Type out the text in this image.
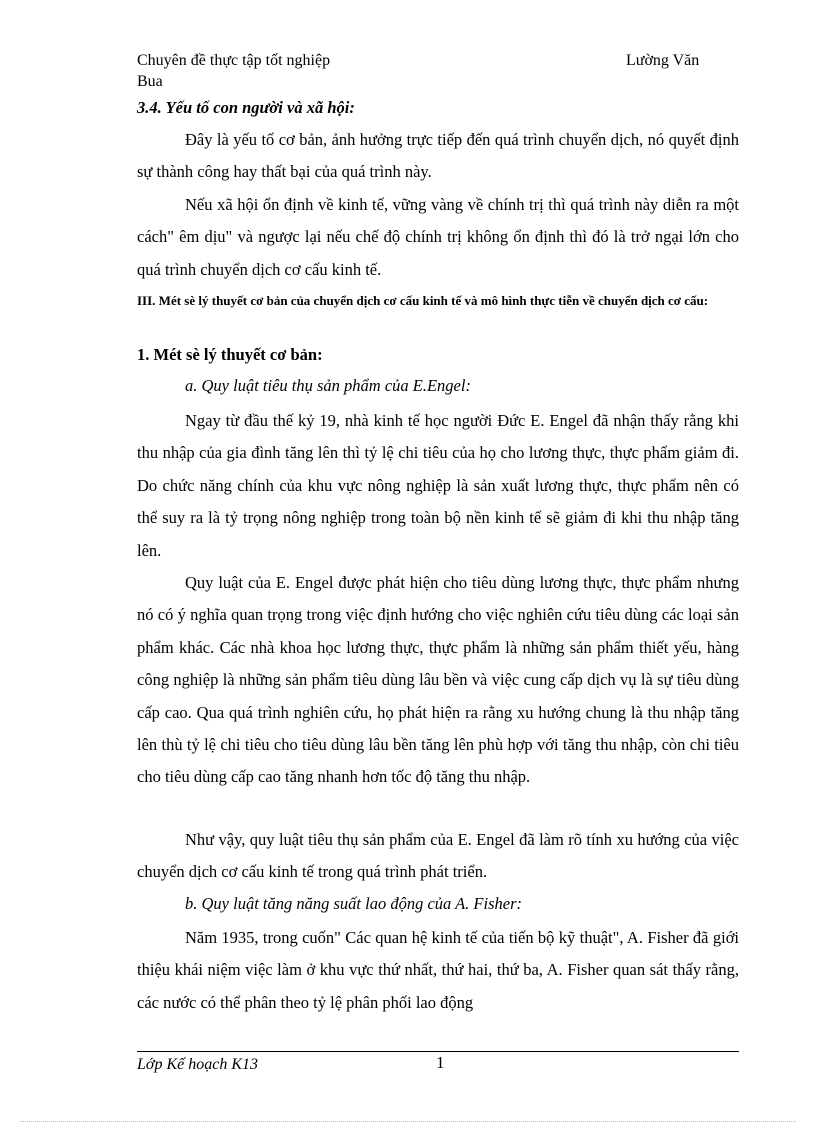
Chuyên đề thực tập tốt nghiệp	Lường Văn
Bua
3.4. Yếu tố con người và xã hội:

Đây là yếu tố cơ bản, ảnh hưởng trực tiếp đến quá trình chuyển dịch, nó quyết định sự thành công hay thất bại của quá trình này.

Nếu xã hội ổn định về kinh tế, vững vàng về chính trị thì quá trình này diễn ra một cách" êm dịu" và ngược lại nếu chế độ chính trị không ổn định thì đó là trở ngại lớn cho quá trình chuyển dịch cơ cấu kinh tế.

III. Mét sè lý thuyết cơ bản của chuyển dịch cơ cấu kinh tế và mô hình thực tiễn về chuyển dịch cơ cấu:

1. Mét sè lý thuyết cơ bản:
a. Quy luật tiêu thụ sản phẩm của E.Engel:

Ngay từ đầu thế kỷ 19, nhà kinh tế học người Đức E. Engel đã nhận thấy rằng khi thu nhập của gia đình tăng lên thì tỷ lệ chi tiêu của họ cho lương thực, thực phẩm giảm đi. Do chức năng chính của khu vực nông nghiệp là sản xuất lương thực, thực phẩm nên có thể suy ra là tỷ trọng nông nghiệp trong toàn bộ nền kinh tế sẽ giảm đi khi thu nhập tăng lên.

Quy luật của E. Engel được phát hiện cho tiêu dùng lương thực, thực phẩm nhưng nó có ý nghĩa quan trọng trong việc định hướng cho việc nghiên cứu tiêu dùng các loại sản phẩm khác. Các nhà khoa học lương thực, thực phẩm là những sản phẩm thiết yếu, hàng công nghiệp là những sản phẩm tiêu dùng lâu bền và việc cung cấp dịch vụ là sự tiêu dùng cấp cao. Qua quá trình nghiên cứu, họ phát hiện ra rằng xu hướng chung là thu nhập tăng lên thù tỷ lệ chi tiêu cho tiêu dùng lâu bền tăng lên phù hợp với tăng thu nhập, còn chi tiêu cho tiêu dùng cấp cao tăng nhanh hơn tốc độ tăng thu nhập.

Như vậy, quy luật tiêu thụ sản phẩm của E. Engel đã làm rõ tính xu hướng của việc chuyển dịch cơ cấu kinh tế trong quá trình phát triển.

b. Quy luật tăng năng suất lao động của A. Fisher:

Năm 1935, trong cuốn" Các quan hệ kinh tế của tiến bộ kỹ thuật", A. Fisher đã giới thiệu khái niệm việc làm ở khu vực thứ nhất, thứ hai, thứ ba, A. Fisher quan sát thấy rằng, các nước có thể phân theo tỷ lệ phân phối lao động

Lớp Kế hoạch K13	1
